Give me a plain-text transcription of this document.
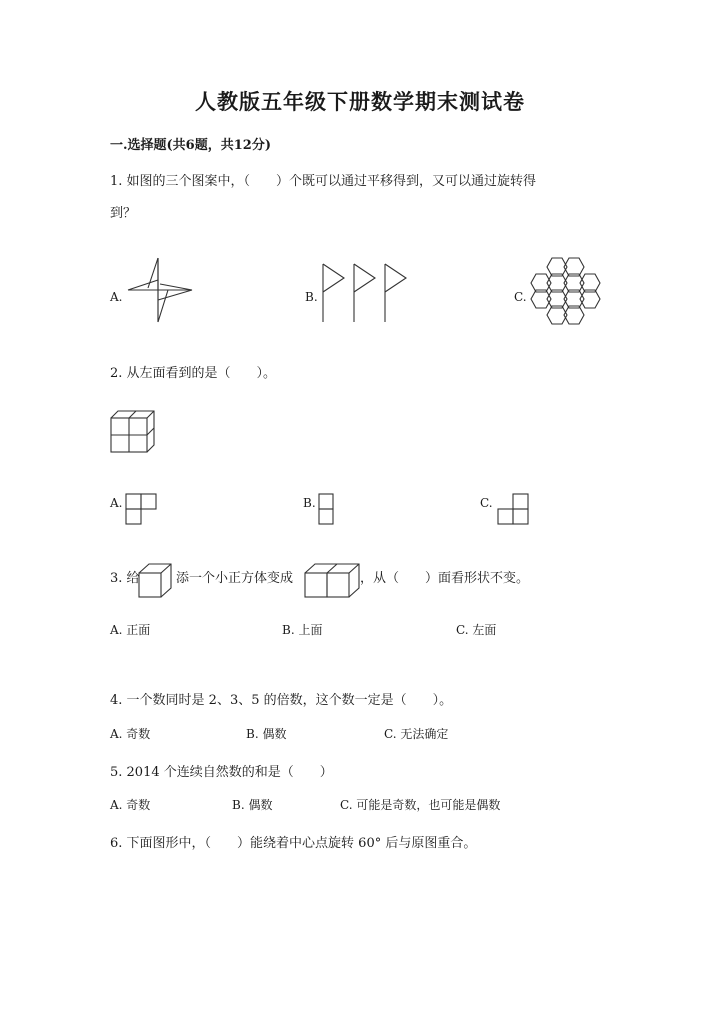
人教版五年级下册数学期末测试卷
一.选择题(共6题，共12分)
1. 如图的三个图案中，（　　）个既可以通过平移得到，又可以通过旋转得
到？
A.	B.	C.
2. 从左面看到的是（　　）。
A.	B.	C.
3. 给	添一个小正方体变成	，从（　　）面看形状不变。
A. 正面	B. 上面	C. 左面
4. 一个数同时是 2、3、5 的倍数，这个数一定是（　　）。
A. 奇数	B. 偶数	C. 无法确定
5. 2014 个连续自然数的和是（　　）
A. 奇数	B. 偶数	C. 可能是奇数，也可能是偶数
6. 下面图形中，（　　）能绕着中心点旋转 60° 后与原图重合。
